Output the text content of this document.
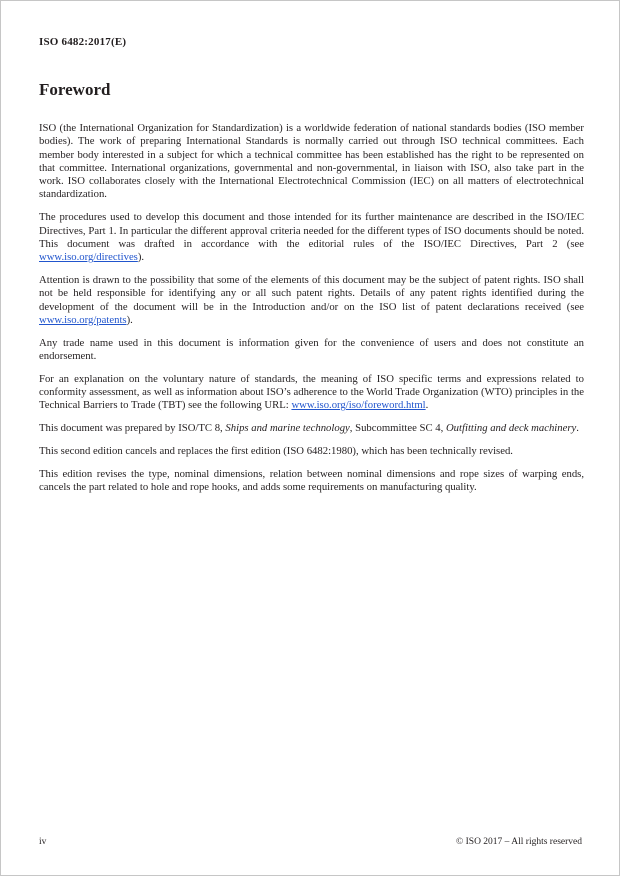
ISO 6482:2017(E)
Foreword

ISO (the International Organization for Standardization) is a worldwide federation of national standards bodies (ISO member bodies). The work of preparing International Standards is normally carried out through ISO technical committees. Each member body interested in a subject for which a technical committee has been established has the right to be represented on that committee. International organizations, governmental and non-governmental, in liaison with ISO, also take part in the work. ISO collaborates closely with the International Electrotechnical Commission (IEC) on all matters of electrotechnical standardization.

The procedures used to develop this document and those intended for its further maintenance are described in the ISO/IEC Directives, Part 1. In particular the different approval criteria needed for the different types of ISO documents should be noted. This document was drafted in accordance with the editorial rules of the ISO/IEC Directives, Part 2 (see www.iso.org/directives).

Attention is drawn to the possibility that some of the elements of this document may be the subject of patent rights. ISO shall not be held responsible for identifying any or all such patent rights. Details of any patent rights identified during the development of the document will be in the Introduction and/or on the ISO list of patent declarations received (see www.iso.org/patents).

Any trade name used in this document is information given for the convenience of users and does not constitute an endorsement.

For an explanation on the voluntary nature of standards, the meaning of ISO specific terms and expressions related to conformity assessment, as well as information about ISO’s adherence to the World Trade Organization (WTO) principles in the Technical Barriers to Trade (TBT) see the following URL: www.iso.org/iso/foreword.html.

This document was prepared by ISO/TC 8, Ships and marine technology, Subcommittee SC 4, Outfitting and deck machinery.

This second edition cancels and replaces the first edition (ISO 6482:1980), which has been technically revised.

This edition revises the type, nominal dimensions, relation between nominal dimensions and rope sizes of warping ends, cancels the part related to hole and rope hooks, and adds some requirements on manufacturing quality.

iv	© ISO 2017 – All rights reserved
